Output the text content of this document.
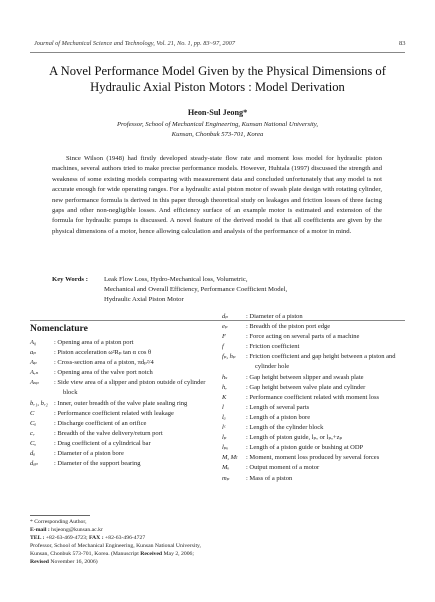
Journal of Mechanical Science and Technology, Vol. 21, No. 1, pp. 83~97, 2007	83
A Novel Performance Model Given by the Physical Dimensions of
Hydraulic Axial Piston Motors : Model Derivation
Heon-Sul Jeong*
Professor, School of Mechanical Engineering, Kunsan National University,
Kunsan, Chonbuk 573-701, Korea
Since Wilson (1948) had firstly developed steady-state flow rate and moment loss model for hydraulic piston machines, several authors tried to make precise performance models. However, Huhtala (1997) discussed the strength and weakness of some existing models comparing with measurement data and concluded unfortunately that any model is not accurate enough for wide operating ranges. For a hydraulic axial piston motor of swash plate design with rotating cylinder, new performance formula is derived in this paper through theoretical study on leakages and friction losses of three facing gaps and other non-negligible losses. And efficiency surface of an example motor is estimated and extension of the formula for hydraulic pumps is discussed. A novel feature of the derived model is that all coefficients are given by the physical dimensions of a motor, hence allowing calculation and analysis of the performance of a motor in mind.
Key Words : Leak Flow Loss, Hydro-Mechanical loss, Volumetric,
Mechanical and Overall Efficiency, Performance Coefficient Model,
Hydraulic Axial Piston Motor
Nomenclature
A₀	: Opening area of a piston port
aₚ	: Piston acceleration ω²Rₚ tan α cos θ
Aₚ	: Cross-section area of a piston, πdₚ²/4
Aᵥₙ	: Opening area of the valve port notch
Aₛₚ	: Side view area of a slipper and piston outside of cylinder block
bᵥ₁, bᵥ₂ : Inner, outer breadth of the valve plate sealing ring
C	: Performance coefficient related with leakage
Cₐ	: Discharge coefficient of an orifice
cᵥ	: Breadth of the valve delivery/return port
Cᵤ	: Drag coefficient of a cylindrical bar
dₐ	: Diameter of a piston bore
dₐₚ	: Diameter of the support bearing
dₚ	: Diameter of a piston
eₚ	: Breadth of the piston port edge
F	: Force acting on several parts of a machine
f	: Friction coefficient
fₚ, hₚ	: Friction coefficient and gap height between a piston and cylinder hole
hₛ	: Gap height between slipper and swash plate
hᵥ	: Gap height between valve plate and cylinder
K	: Performance coefficient related with moment loss
l	: Length of several parts
lₐ	: Length of a piston bore
lᶜ	: Length of the cylinder block
lₚ	: Length of piston guide, lₚₒ or lₚₒ+zₚ
lₚₒ	: Length of a piston guide or bushing at ODP
M, Mₗ	: Moment, moment loss produced by several forces
Mₒ	: Output moment of a motor
mₚ	: Mass of a piston
* Corresponding Author,
E-mail : hsjeong@kunsan.ac.kr
TEL : +82-63-469-4723; FAX : +82-63-496-4727
Professor, School of Mechanical Engineering, Kunsan National University, Kunsan, Chonbuk 573-701, Korea. (Manuscript Received May 2, 2006; Revised November 16, 2006)
